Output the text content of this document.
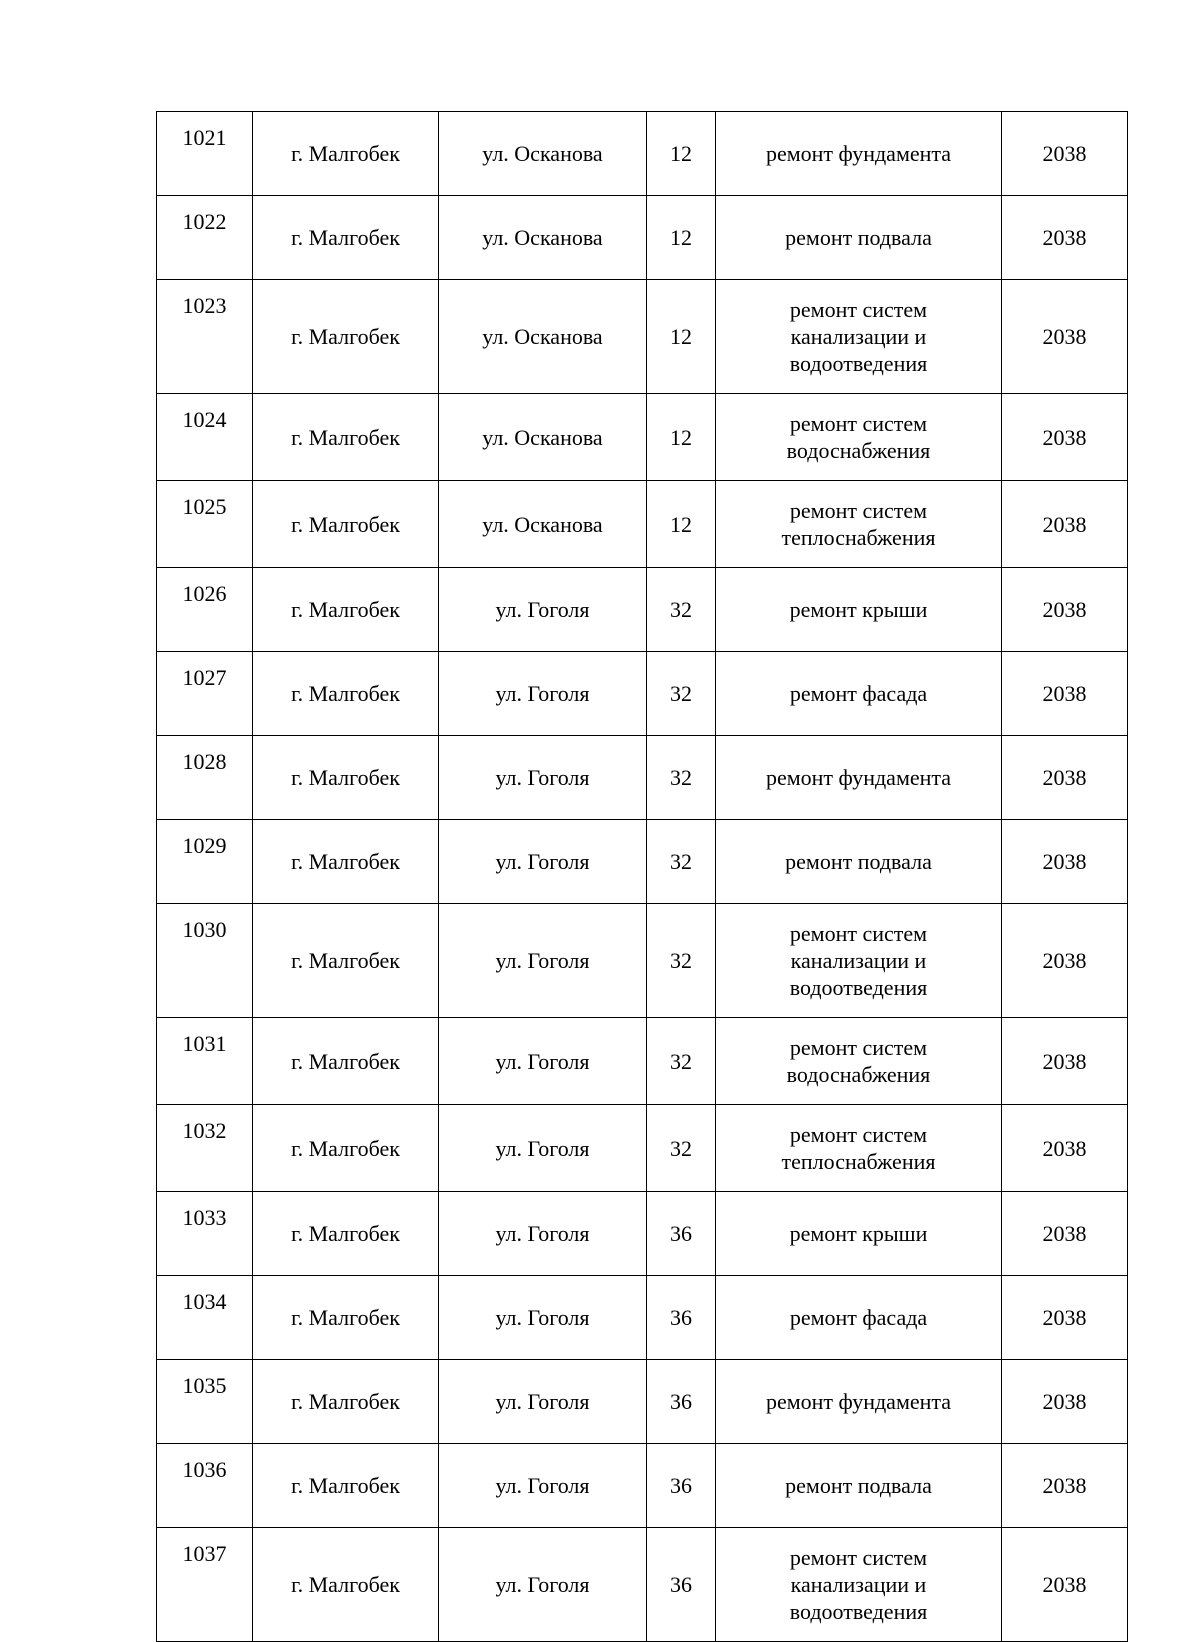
1021	г. Малгобек	ул. Осканова	12	ремонт фундамента	2038
1022	г. Малгобек	ул. Осканова	12	ремонт подвала	2038
1023	г. Малгобек	ул. Осканова	12	ремонт систем
канализации и
водоотведения	2038
1024	г. Малгобек	ул. Осканова	12	ремонт систем
водоснабжения	2038
1025	г. Малгобек	ул. Осканова	12	ремонт систем
теплоснабжения	2038
1026	г. Малгобек	ул. Гоголя	32	ремонт крыши	2038
1027	г. Малгобек	ул. Гоголя	32	ремонт фасада	2038
1028	г. Малгобек	ул. Гоголя	32	ремонт фундамента	2038
1029	г. Малгобек	ул. Гоголя	32	ремонт подвала	2038
1030	г. Малгобек	ул. Гоголя	32	ремонт систем
канализации и
водоотведения	2038
1031	г. Малгобек	ул. Гоголя	32	ремонт систем
водоснабжения	2038
1032	г. Малгобек	ул. Гоголя	32	ремонт систем
теплоснабжения	2038
1033	г. Малгобек	ул. Гоголя	36	ремонт крыши	2038
1034	г. Малгобек	ул. Гоголя	36	ремонт фасада	2038
1035	г. Малгобек	ул. Гоголя	36	ремонт фундамента	2038
1036	г. Малгобек	ул. Гоголя	36	ремонт подвала	2038
1037	г. Малгобек	ул. Гоголя	36	ремонт систем
канализации и
водоотведения	2038
